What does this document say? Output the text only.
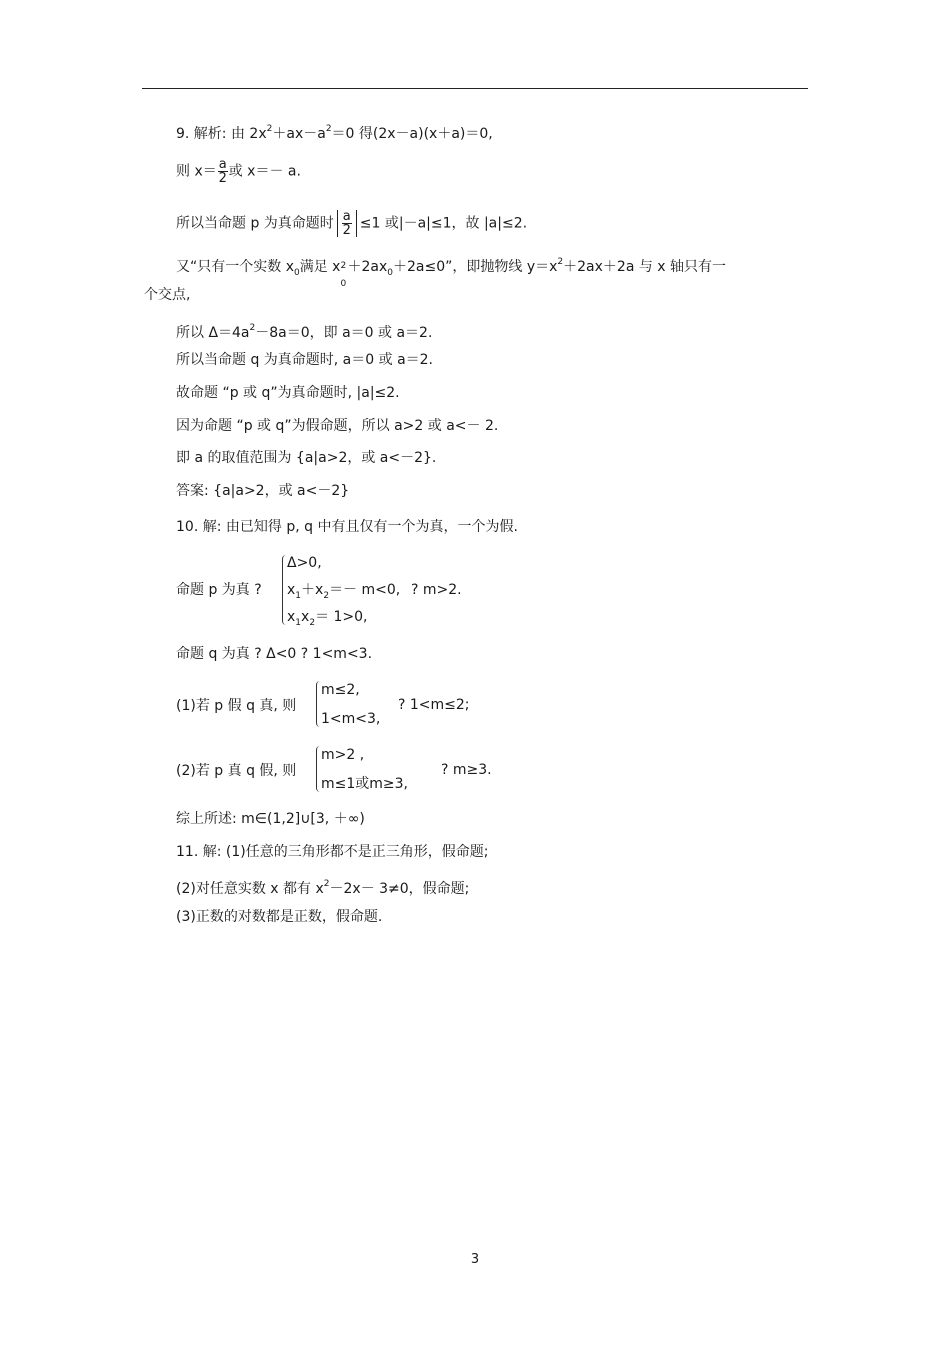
9. 解析: 由 $2x^2+ax-a^2=0$ 得(2x－a)(x＋a)＝0,
则 $x= \frac{a}{2}$ 或 x＝－ a.
所以当命题 p 为真命题时 $\frac{a}{2} \le 1$ 或|－a|≤1，故 |a|≤2.
又“只有一个实数 $x_0$满足 x
0
$2 +2ax_0+2a\le 0$”，即抛物线 $y=x^2+2ax+2a$ 与 x 轴只有一
个交点,
所以 $\Delta=4a^2-8a=0$，即 a＝0 或 a＝2.
所以当命题 q 为真命题时, a＝0 或 a＝2.
故命题 “p 或 q”为真命题时, |a|≤2.
因为命题 “p 或 q”为假命题，所以 a>2 或 a<－ 2.
即 a 的取值范围为 {a|a>2，或 a<－2}.
答案: {a|a>2，或 a<－2}
10. 解: 由已知得 p, q 中有且仅有一个为真，一个为假.
命题 p 为真 ?
Δ>0,
$x_1+x_2=- m<0$, ? m>2.
$x_1x_2= 1>0$,
命题 q 为真 ? Δ<0 ? 1<m<3.
(1)若 p 假 q 真, 则
m≤2,
1<m<3,
? 1<m≤2;
(2)若 p 真 q 假, 则
m>2 ,
m≤1或m≥3,
? m≥3.
综上所述: m∈(1,2]∪[3, ＋∞)
11. 解: (1)任意的三角形都不是正三角形，假命题;
(2)对任意实数 x 都有 $x^2-2x- 3\ne 0$，假命题;
(3)正数的对数都是正数，假命题.
3
